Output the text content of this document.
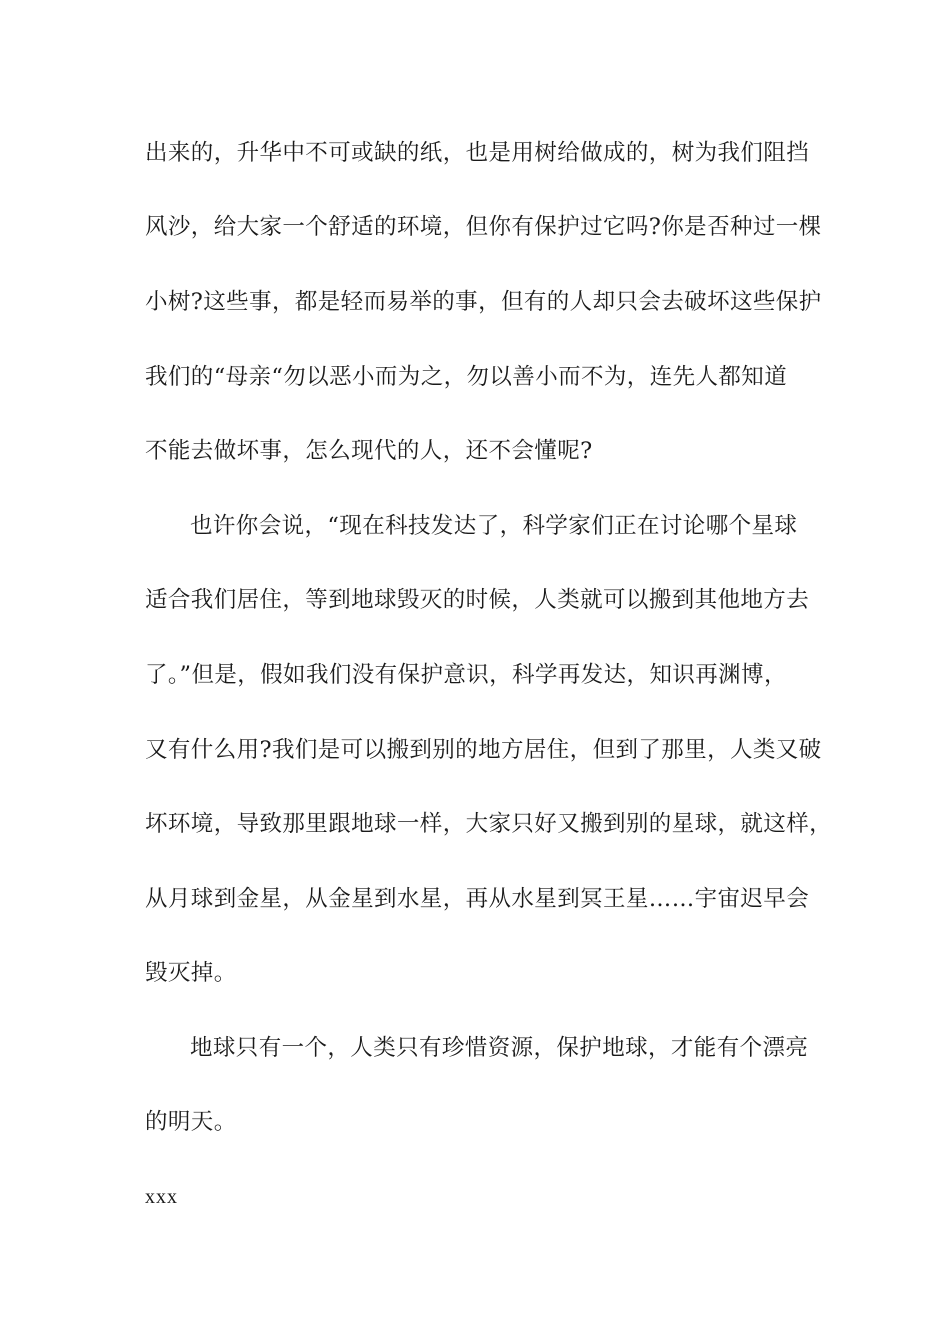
出来的，升华中不可或缺的纸，也是用树给做成的，树为我们阻挡
风沙，给大家一个舒适的环境，但你有保护过它吗?你是否种过一棵
小树?这些事，都是轻而易举的事，但有的人却只会去破坏这些保护
我们的“母亲“勿以恶小而为之，勿以善小而不为，连先人都知道
不能去做坏事，怎么现代的人，还不会懂呢?
也许你会说，“现在科技发达了，科学家们正在讨论哪个星球
适合我们居住，等到地球毁灭的时候，人类就可以搬到其他地方去
了。”但是，假如我们没有保护意识，科学再发达，知识再渊博，
又有什么用?我们是可以搬到别的地方居住，但到了那里，人类又破
坏环境，导致那里跟地球一样，大家只好又搬到别的星球，就这样，
从月球到金星，从金星到水星，再从水星到冥王星……宇宙迟早会
毁灭掉。
地球只有一个，人类只有珍惜资源，保护地球，才能有个漂亮
的明天。
xxx
